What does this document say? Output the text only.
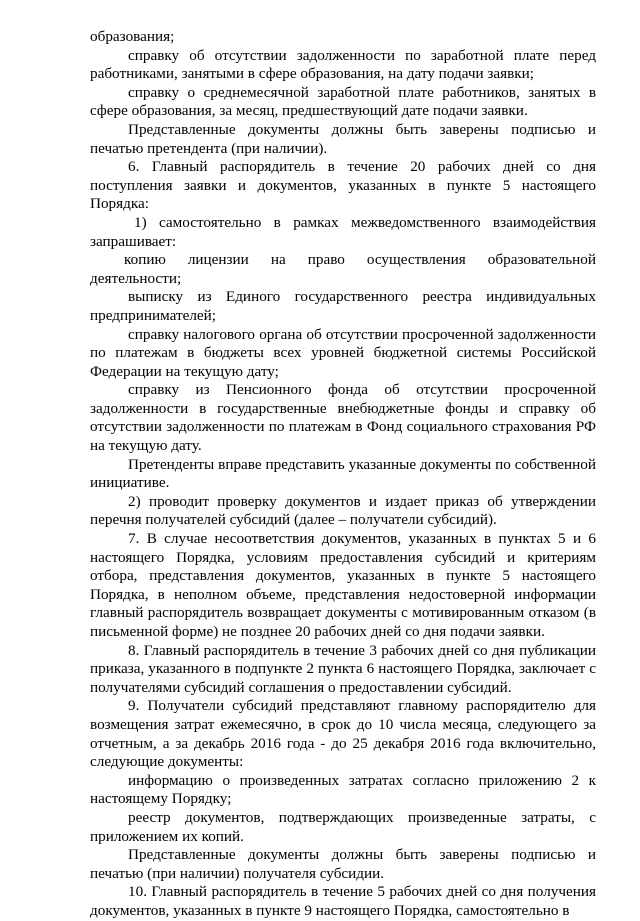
образования;

справку об отсутствии задолженности по заработной плате перед работниками, занятыми в сфере образования, на дату подачи заявки;

справку о среднемесячной заработной плате работников, занятых в сфере образования, за месяц, предшествующий дате подачи заявки.

Представленные документы должны быть заверены подписью и печатью претендента (при наличии).

6. Главный распорядитель в течение 20 рабочих дней со дня поступления заявки и документов, указанных в пункте 5 настоящего Порядка:

1) самостоятельно в рамках межведомственного взаимодействия запрашивает:

копию лицензии на право осуществления образовательной деятельности;

выписку из Единого государственного реестра индивидуальных предпринимателей;

справку налогового органа об отсутствии просроченной задолженности по платежам в бюджеты всех уровней бюджетной системы Российской Федерации на текущую дату;

справку из Пенсионного фонда об отсутствии просроченной задолженности в государственные внебюджетные фонды и справку об отсутствии задолженности по платежам в Фонд социального страхования РФ на текущую дату.

Претенденты вправе представить указанные документы по собственной инициативе.

2) проводит проверку документов и издает приказ об утверждении перечня получателей субсидий (далее – получатели субсидий).

7. В случае несоответствия документов, указанных в пунктах 5 и 6 настоящего Порядка, условиям предоставления субсидий и критериям отбора, представления документов, указанных в пункте 5 настоящего Порядка, в неполном объеме, представления недостоверной информации главный распорядитель возвращает документы с мотивированным отказом (в письменной форме) не позднее 20 рабочих дней со дня подачи заявки.

8. Главный распорядитель в течение 3 рабочих дней со дня публикации приказа, указанного в подпункте 2 пункта 6 настоящего Порядка, заключает с получателями субсидий соглашения о предоставлении субсидий.

9. Получатели субсидий представляют главному распорядителю для возмещения затрат ежемесячно, в срок до 10 числа месяца, следующего за отчетным, а за декабрь 2016 года - до 25 декабря 2016 года включительно, следующие документы:

информацию о произведенных затратах согласно приложению 2 к настоящему Порядку;

реестр документов, подтверждающих произведенные затраты, с приложением их копий.

Представленные документы должны быть заверены подписью и печатью (при наличии) получателя субсидии.

10. Главный распорядитель в течение 5 рабочих дней со дня получения документов, указанных в пункте 9 настоящего Порядка, самостоятельно в
